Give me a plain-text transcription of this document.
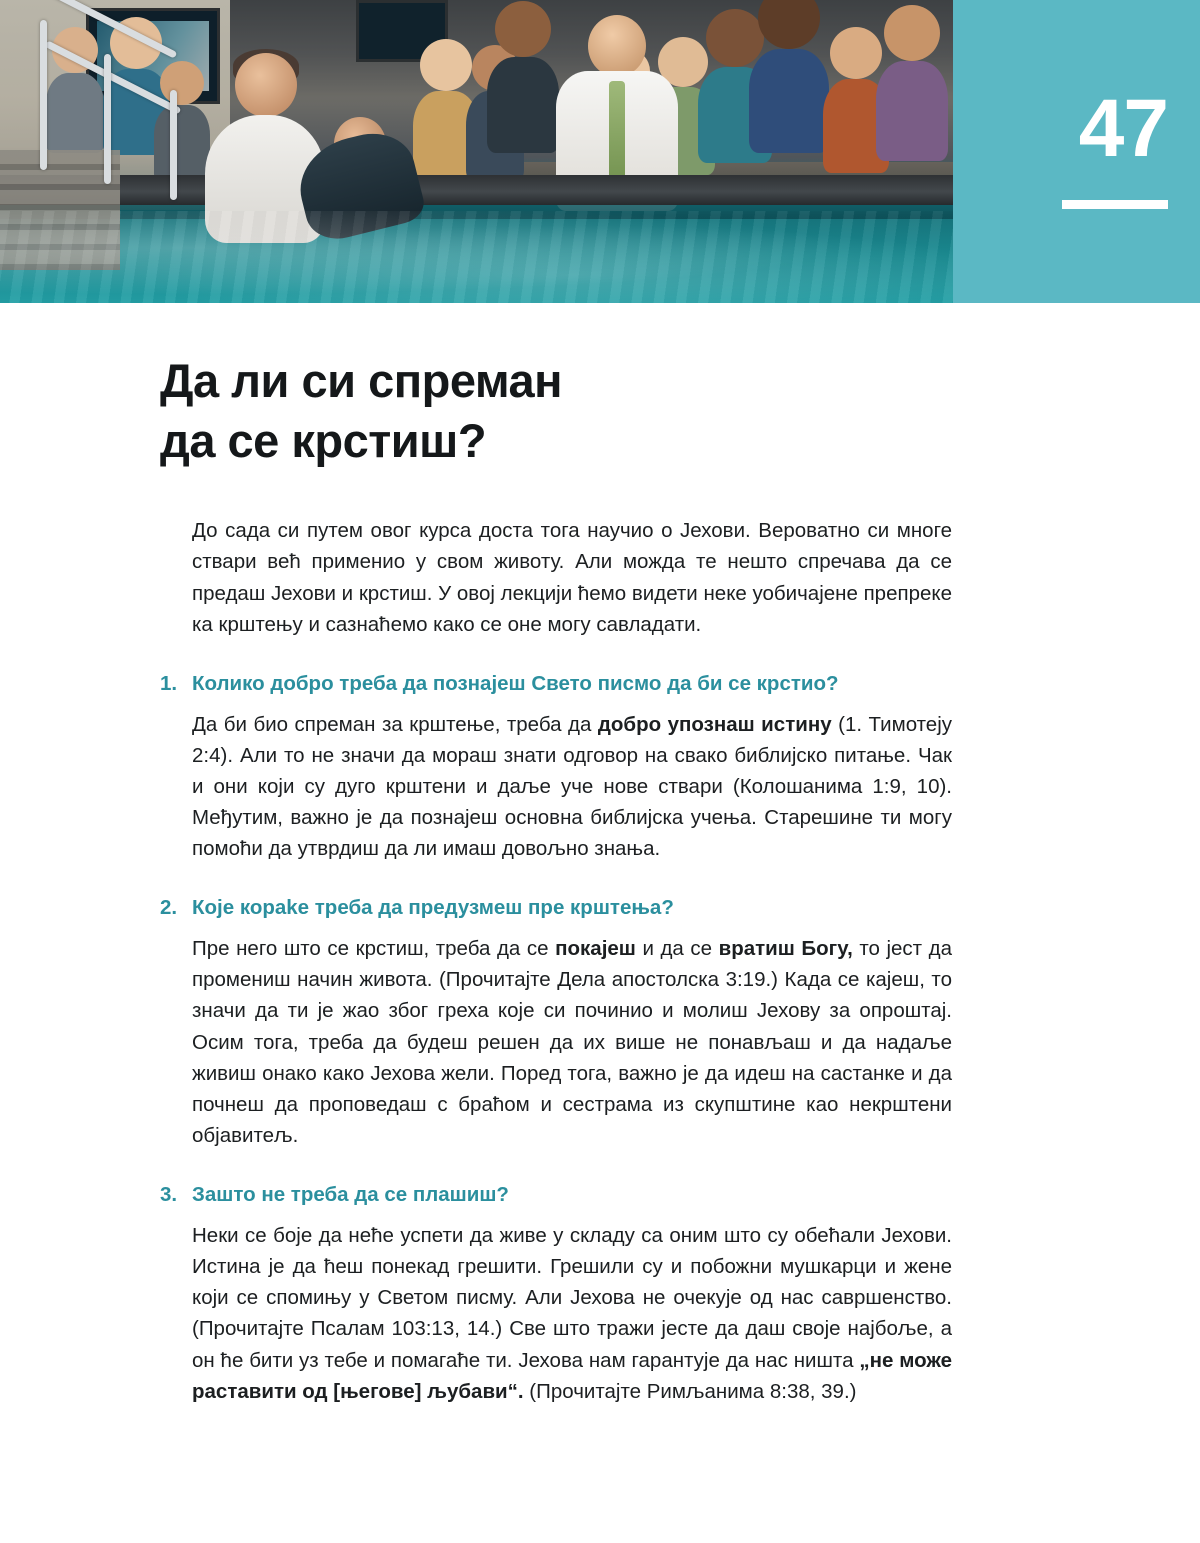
47
Да ли си спреман
да се крстиш?

До сада си путем овог курса доста тога научио о Јехови. Вероватно си многе ствари већ применио у свом животу. Али можда те нешто спречава да се предаш Јехови и крстиш. У овој лекцији ћемо видети неке уобичајене препреке ка крштењу и сазнаћемо како се оне могу савладати.

1. Колико добро треба да познајеш Свето писмо да би се крстио?

Да би био спреман за крштење, треба да добро упознаш истину (1. Тимотеју 2:4). Али то не значи да мораш знати одговор на свако библијско питање. Чак и они који су дуго крштени и даље уче нове ствари (Колошанима 1:9, 10). Међутим, важно је да познајеш основна библијска учења. Старешине ти могу помоћи да утврдиш да ли имаш довољно знања.

2. Које корake треба да предузмеш пре крштења?

Пре него што се крстиш, треба да се покајеш и да се вратиш Богу, то јест да промениш начин живота. (Прочитајте Дела апостолска 3:19.) Када се кајеш, то значи да ти је жао због греха које си починио и молиш Јехову за опроштај. Осим тога, треба да будеш решен да их више не понављаш и да надаље живиш онако како Јехова жели. Поред тога, важно је да идеш на састанке и да почнеш да проповедаш с браћом и сестрама из скупштине као некрштени објавитељ.

3. Зашто не треба да се плашиш?

Неки се боје да неће успети да живе у складу са оним што су обећали Јехови. Истина је да ћеш понекад грешити. Грешили су и побожни мушкарци и жене који се спомињу у Светом писму. Али Јехова не очекује од нас савршенство. (Прочитајте Псалам 103:13, 14.) Све што тражи јесте да даш своје најбоље, а он ће бити уз тебе и помагаће ти. Јехова нам гарантује да нас ништа „не може раставити од [његове] љубави“. (Прочитајте Римљанима 8:38, 39.)
